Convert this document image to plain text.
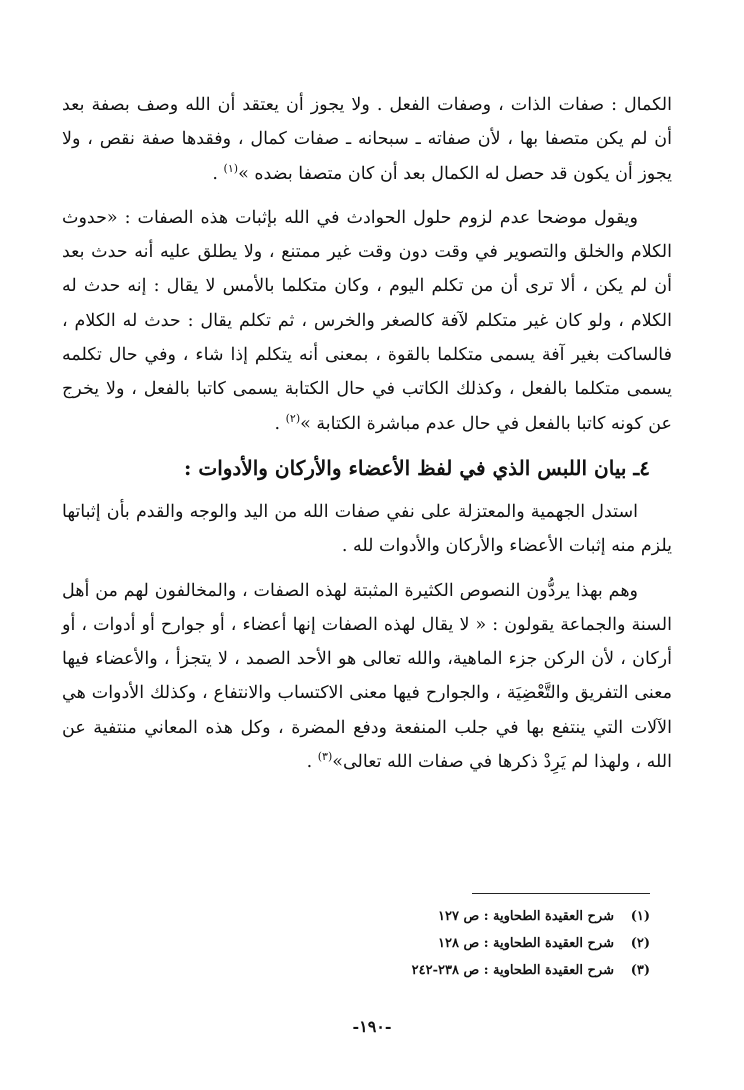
الكمال : صفات الذات ، وصفات الفعل . ولا يجوز أن يعتقد أن الله وصف بصفة بعد أن لم يكن متصفا بها ، لأن صفاته ـ سبحانه ـ صفات كمال ، وفقدها صفة نقص ، ولا يجوز أن يكون قد حصل له الكمال بعد أن كان متصفا بضده »$^{(١)}$ .

ويقول موضحا عدم لزوم حلول الحوادث في الله بإثبات هذه الصفات : «حدوث الكلام والخلق والتصوير في وقت دون وقت غير ممتنع ، ولا يطلق عليه أنه حدث بعد أن لم يكن ، ألا ترى أن من تكلم اليوم ، وكان متكلما بالأمس لا يقال : إنه حدث له الكلام ، ولو كان غير متكلم لآفة كالصغر والخرس ، ثم تكلم يقال : حدث له الكلام ، فالساكت بغير آفة يسمى متكلما بالقوة ، بمعنى أنه يتكلم إذا شاء ، وفي حال تكلمه يسمى متكلما بالفعل ، وكذلك الكاتب في حال الكتابة يسمى كاتبا بالفعل ، ولا يخرج عن كونه كاتبا بالفعل في حال عدم مباشرة الكتابة »$^{(٢)}$ .

٤ـ بيان اللبس الذي في لفظ الأعضاء والأركان والأدوات :

استدل الجهمية والمعتزلة على نفي صفات الله من اليد والوجه والقدم بأن إثباتها يلزم منه إثبات الأعضاء والأركان والأدوات لله .

وهم بهذا يردُّون النصوص الكثيرة المثبتة لهذه الصفات ، والمخالفون لهم من أهل السنة والجماعة يقولون : « لا يقال لهذه الصفات إنها أعضاء ، أو جوارح أو أدوات ، أو أركان ، لأن الركن جزء الماهية، والله تعالى هو الأحد الصمد ، لا يتجزأ ، والأعضاء فيها معنى التفريق والتَّعْضِيَة ، والجوارح فيها معنى الاكتساب والانتفاع ، وكذلك الأدوات هي الآلات التي ينتفع بها في جلب المنفعة ودفع المضرة ، وكل هذه المعاني منتفية عن الله ، ولهذا لم يَرِدْ ذكرها في صفات الله تعالى»$^{(٣)}$ .

(١)
شرح العقيدة الطحاوية : ص ١٢٧
(٢)
شرح العقيدة الطحاوية : ص ١٢٨
(٣)
شرح العقيدة الطحاوية : ص ٢٣٨-٢٤٢
-١٩٠-
